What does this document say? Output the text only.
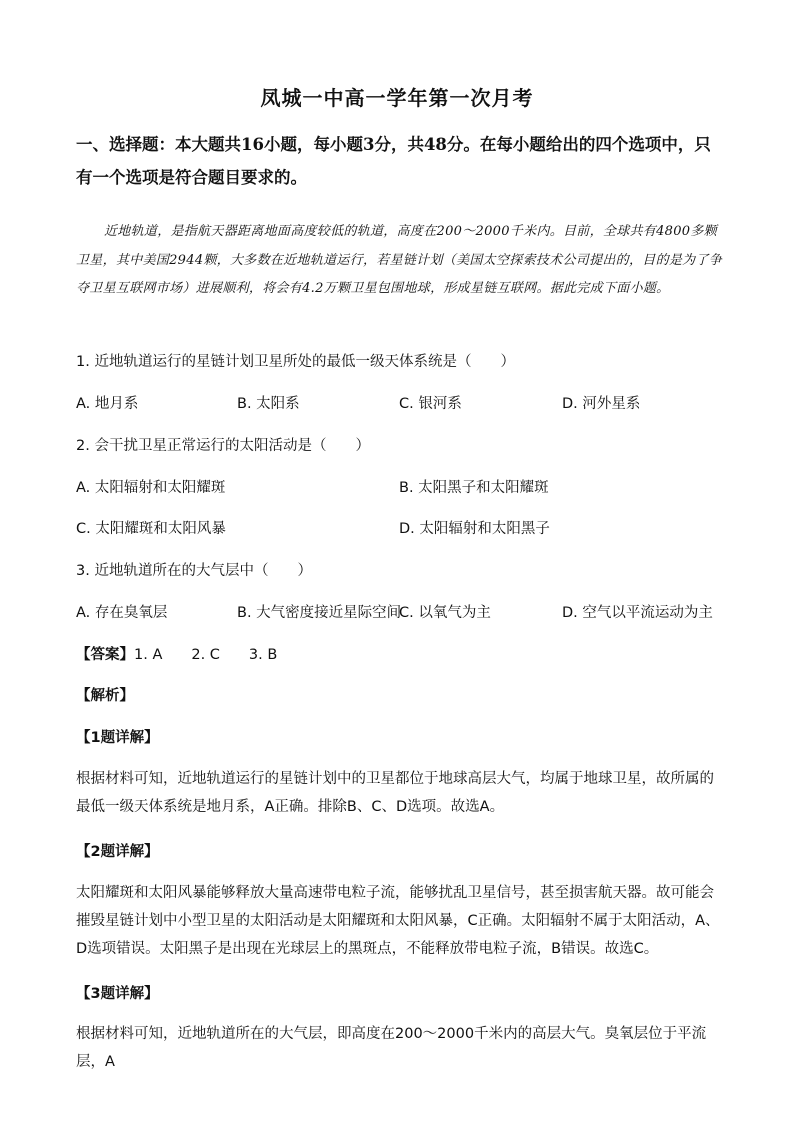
凤城一中高一学年第一次月考
一、选择题：本大题共16小题，每小题3分，共48分。在每小题给出的四个选项中，只有一个选项是符合题目要求的。
近地轨道，是指航天器距离地面高度较低的轨道，高度在200～2000千米内。目前，全球共有4800多颗卫星，其中美国2944颗，大多数在近地轨道运行，若星链计划（美国太空探索技术公司提出的，目的是为了争夺卫星互联网市场）进展顺利，将会有4.2万颗卫星包围地球，形成星链互联网。据此完成下面小题。
1. 近地轨道运行的星链计划卫星所处的最低一级天体系统是（　　）
A. 地月系	B. 太阳系	C. 银河系	D. 河外星系
2. 会干扰卫星正常运行的太阳活动是（　　）
A. 太阳辐射和太阳耀斑	B. 太阳黑子和太阳耀斑
C. 太阳耀斑和太阳风暴	D. 太阳辐射和太阳黑子
3. 近地轨道所在的大气层中（　　）
A. 存在臭氧层	B. 大气密度接近星际空间
C. 以氧气为主	D. 空气以平流运动为主
【答案】1. A　　2. C　　3. B
【解析】
【1题详解】
根据材料可知，近地轨道运行的星链计划中的卫星都位于地球高层大气，均属于地球卫星，故所属的最低一级天体系统是地月系，A正确。排除B、C、D选项。故选A。
【2题详解】
太阳耀斑和太阳风暴能够释放大量高速带电粒子流，能够扰乱卫星信号，甚至损害航天器。故可能会摧毁星链计划中小型卫星的太阳活动是太阳耀斑和太阳风暴，C正确。太阳辐射不属于太阳活动，A、D选项错误。太阳黑子是出现在光球层上的黑斑点，不能释放带电粒子流，B错误。故选C。
【3题详解】
根据材料可知，近地轨道所在的大气层，即高度在200～2000千米内的高层大气。臭氧层位于平流层，A
